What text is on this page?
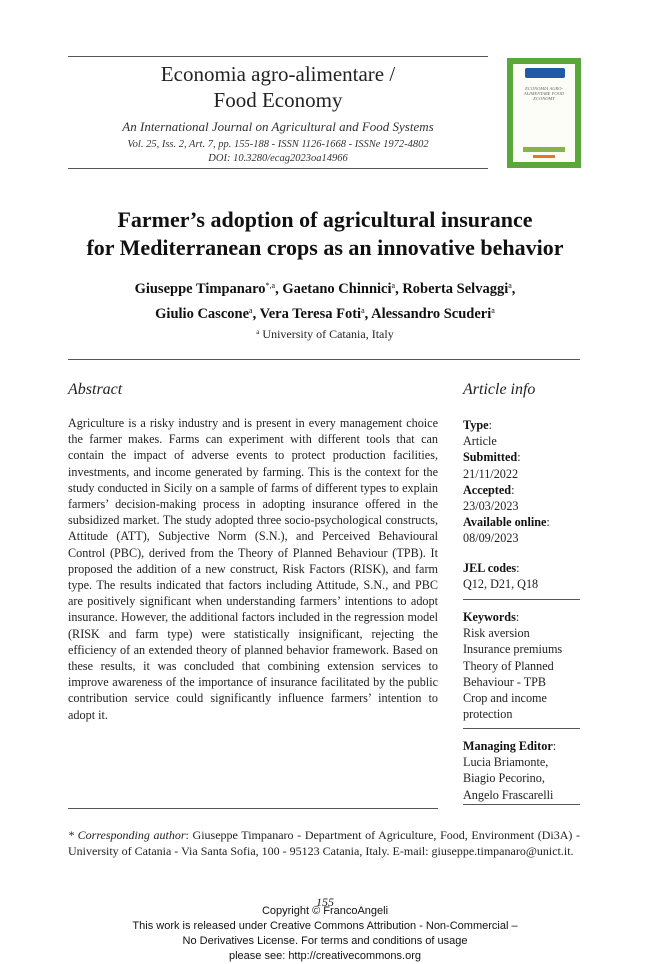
Economia agro-alimentare /
Food Economy
An International Journal on Agricultural and Food Systems
Vol. 25, Iss. 2, Art. 7, pp. 155-188 - ISSN 1126-1668 - ISSNe 1972-4802
DOI: 10.3280/ecag2023oa14966
ECONOMIA AGRO-ALIMENTARE FOOD ECONOMY
Farmer’s adoption of agricultural insurance
for Mediterranean crops as an innovative behavior
Giuseppe Timpanaro$^{*,a}$, Gaetano Chinnici$^a$, Roberta Selvaggi$^a$,
Giulio Cascone$^a$, Vera Teresa Foti$^a$, Alessandro Scuderi$^a$
$^a$ University of Catania, Italy
Abstract
Agriculture is a risky industry and is present in every management choice the farmer makes. Farms can experiment with different tools that can contain the impact of adverse events to protect production facilities, investments, and income generated by farming. This is the context for the study conducted in Sicily on a sample of farms of different types to explain farmers’ decision-making process in adopting insurance offered in the subsidized market. The study adopted three socio-psychological constructs, Attitude (ATT), Subjective Norm (S.N.), and Perceived Behavioural Control (PBC), derived from the Theory of Planned Behaviour (TPB). It proposed the addition of a new construct, Risk Factors (RISK), and farm type. The results indicated that factors including Attitude, S.N., and PBC are positively significant when understanding farmers’ intentions to adopt insurance. However, the additional factors included in the regression model (RISK and farm type) were statistically insignificant, rejecting the efficiency of an extended theory of planned behavior framework. Based on these results, it was concluded that combining extension services to improve awareness of the importance of insurance facilitated by the public contribution service could significantly influence farmers’ intention to adopt it.
Article info
Type:
Article
Submitted:
21/11/2022
Accepted:
23/03/2023
Available online:
08/09/2023
JEL codes:
Q12, D21, Q18
Keywords:
Risk aversion
Insurance premiums
Theory of Planned
Behaviour - TPB
Crop and income
protection
Managing Editor:
Lucia Briamonte,
Biagio Pecorino,
Angelo Frascarelli
* Corresponding author: Giuseppe Timpanaro - Department of Agriculture, Food, Environment (Di3A) - University of Catania - Via Santa Sofia, 100 - 95123 Catania, Italy. E-mail: giuseppe.timpanaro@unict.it.
155
Copyright © FrancoAngeli
This work is released under Creative Commons Attribution - Non-Commercial –
No Derivatives License. For terms and conditions of usage
please see: http://creativecommons.org
